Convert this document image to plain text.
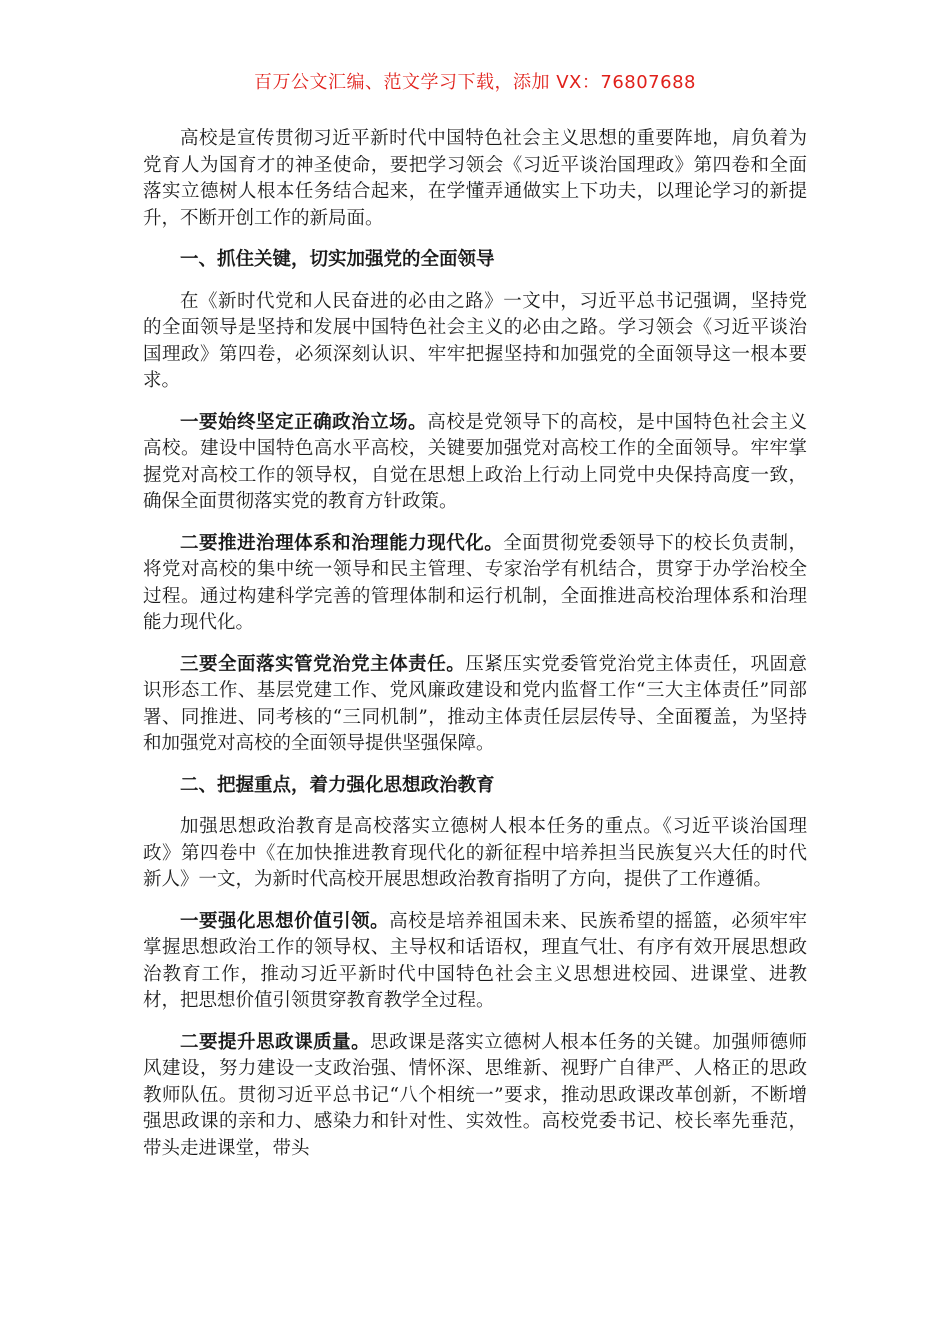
百万公文汇编、范文学习下载，添加 VX：76807688

高校是宣传贯彻习近平新时代中国特色社会主义思想的重要阵地，肩负着为党育人为国育才的神圣使命，要把学习领会《习近平谈治国理政》第四卷和全面落实立德树人根本任务结合起来，在学懂弄通做实上下功夫，以理论学习的新提升，不断开创工作的新局面。

一、抓住关键，切实加强党的全面领导

在《新时代党和人民奋进的必由之路》一文中，习近平总书记强调，坚持党的全面领导是坚持和发展中国特色社会主义的必由之路。学习领会《习近平谈治国理政》第四卷，必须深刻认识、牢牢把握坚持和加强党的全面领导这一根本要求。

一要始终坚定正确政治立场。高校是党领导下的高校，是中国特色社会主义高校。建设中国特色高水平高校，关键要加强党对高校工作的全面领导。牢牢掌握党对高校工作的领导权，自觉在思想上政治上行动上同党中央保持高度一致，确保全面贯彻落实党的教育方针政策。

二要推进治理体系和治理能力现代化。全面贯彻党委领导下的校长负责制，将党对高校的集中统一领导和民主管理、专家治学有机结合，贯穿于办学治校全过程。通过构建科学完善的管理体制和运行机制，全面推进高校治理体系和治理能力现代化。

三要全面落实管党治党主体责任。压紧压实党委管党治党主体责任，巩固意识形态工作、基层党建工作、党风廉政建设和党内监督工作“三大主体责任”同部署、同推进、同考核的“三同机制”，推动主体责任层层传导、全面覆盖，为坚持和加强党对高校的全面领导提供坚强保障。

二、把握重点，着力强化思想政治教育

加强思想政治教育是高校落实立德树人根本任务的重点。《习近平谈治国理政》第四卷中《在加快推进教育现代化的新征程中培养担当民族复兴大任的时代新人》一文，为新时代高校开展思想政治教育指明了方向，提供了工作遵循。

一要强化思想价值引领。高校是培养祖国未来、民族希望的摇篮，必须牢牢掌握思想政治工作的领导权、主导权和话语权，理直气壮、有序有效开展思想政治教育工作，推动习近平新时代中国特色社会主义思想进校园、进课堂、进教材，把思想价值引领贯穿教育教学全过程。

二要提升思政课质量。思政课是落实立德树人根本任务的关键。加强师德师风建设，努力建设一支政治强、情怀深、思维新、视野广自律严、人格正的思政教师队伍。贯彻习近平总书记“八个相统一”要求，推动思政课改革创新，不断增强思政课的亲和力、感染力和针对性、实效性。高校党委书记、校长率先垂范，带头走进课堂，带头
